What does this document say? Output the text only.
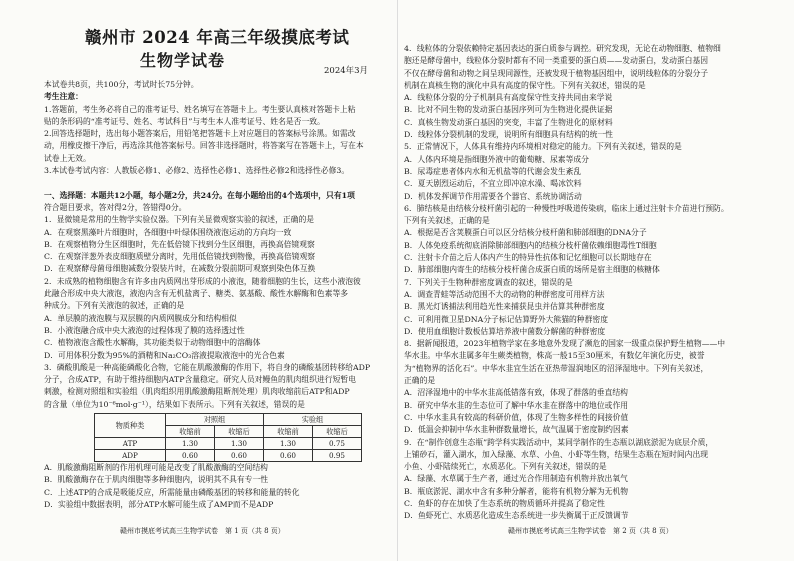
赣州市 2024 年高三年级摸底考试
生物学试卷
2024年3月
本试卷共8页，共100分，考试时长75分钟。
考生注意：
1.答题前，考生务必将自己的准考证号、姓名填写在答题卡上。考生要认真核对答题卡上粘
贴的条形码的“准考证号、姓名、考试科目”与考生本人准考证号、姓名是否一致。
2.回答选择题时，选出每小题答案后，用铅笔把答题卡上对应题目的答案标号涂黑。如需改
动，用橡皮擦干净后，再选涂其他答案标号。回答非选择题时，将答案写在答题卡上，写在本
试卷上无效。
3.本试卷考试内容：人教版必修1、必修2、选择性必修1、选择性必修2和选择性必修3。

一、选择题：本题共12小题，每小题2分，共24分。在每小题给出的4个选项中，只有1项
符合题目要求，答对得2分，答错得0分。
1．显微镜是常用的生物学实验仪器。下列有关显微观察实验的叙述，正确的是
A．在观察黑藻叶片细胞时，各细胞中叶绿体围绕液泡运动的方向均一致
B．在观察植物分生区细胞时，先在低倍镜下找到分生区细胞，再换高倍镜观察
C．在观察洋葱外表皮细胞质壁分离时，先用低倍镜找到物像，再换高倍镜观察
D．在观察酵母菌母细胞减数分裂装片时，在减数分裂前期可观察到染色体互换
2．未成熟的植物细胞含有许多由内质网出芽形成的小液泡，随着细胞的生长，这些小液泡彼
此融合形成中央大液泡，液泡内含有无机盐离子、糖类、氨基酸、酸性水解酶和色素等多
种成分。下列有关液泡的叙述，正确的是
A．单层膜的液泡膜与双层膜的内质网膜成分和结构相似
B．小液泡融合成中央大液泡的过程体现了膜的选择透过性
C．植物液泡含酸性水解酶，其功能类似于动物细胞中的溶酶体
D．可用体积分数为95%的酒精和Na₂CO₃溶液提取液泡中的光合色素
3．磷酸肌酸是一种高能磷酸化合物，它能在肌酸激酶的作用下，将自身的磷酸基团转移给ADP
分子，合成ATP，有助于维持细胞内ATP含量稳定。研究人员对鳗鱼的肌肉组织进行短暂电
刺激，检测对照组和实验组（肌肉组织用肌酸激酶阻断剂处理）肌肉收缩前后ATP和ADP
的含量（单位为10⁻⁶mol·g⁻¹），结果如下表所示。下列有关叙述，错误的是
物质种类	对照组		实验组	
	收缩前	收缩后	收缩前	收缩后
ATP	1.30	1.30	1.30	0.75
ADP	0.60	0.60	0.60	0.95
A．肌酸激酶阻断剂的作用机理可能是改变了肌酸激酶的空间结构
B．肌酸激酶存在于肌肉细胞等多种细胞内，说明其不具有专一性
C．上述ATP的合成是吸能反应，所需能量由磷酸基团的转移和能量的转化
D．实验组中数据表明，部分ATP水解可能生成了AMP而不是ADP
赣州市摸底考试高三生物学试卷　第 1 页（共 8 页）
4．线粒体的分裂依赖特定基因表达的蛋白质参与调控。研究发现，无论在动物细胞、植物细
胞还是酵母菌中，线粒体分裂时都有不同一类重要的蛋白质——发动蛋白，发动蛋白基因
不仅在酵母菌和动物之间呈现同源性，还被发现于植物基因组中，说明线粒体的分裂分子
机制在真核生物的演化中具有高度的保守性。下列有关叙述，错误的是
A．线粒体分裂的分子机制具有高度保守性支持共同由来学说
B．比对不同生物的发动蛋白基因序列可为生物进化提供证据
C．真核生物发动蛋白基因的突变，丰富了生物进化的原材料
D．线粒体分裂机制的发现，说明所有细胞具有结构的统一性
5．正常情况下，人体具有维持内环境相对稳定的能力。下列有关叙述，错误的是
A．人体内环境是指细胞外液中的葡萄糖、尿素等成分
B．尿毒症患者体内水和无机盐等的代谢会发生紊乱
C．夏天剧烈运动后，不宜立即冲凉水澡、喝冰饮料
D．机体发挥调节作用需要各个器官、系统协调活动
6．肺结核是由结核分枝杆菌引起的一种慢性呼吸道传染病，临床上通过注射卡介苗进行预防。
下列有关叙述，正确的是
A．根据是否含荚膜蛋白可以区分结核分枝杆菌和肺部细胞的DNA分子
B．人体免疫系统彻底消除肺部细胞内的结核分枝杆菌依赖细胞毒性T细胞
C．注射卡介苗之后人体内产生的特异性抗体和记忆细胞可以长期地存在
D．肺部细胞内寄生的结核分枝杆菌合成蛋白质的场所是宿主细胞的核糖体
7．下列关于生物种群密度调查的叙述，错误的是
A．调查青蛙等活动范围不大的动物的种群密度可用样方法
B．黑光灯诱捕法利用趋光性来捕获昆虫并估算其种群密度
C．可利用微卫星DNA分子标记估算野外大熊猫的种群密度
D．使用血细胞计数板估算培养液中菌数分解菌的种群密度
8．据新闻报道，2023年植物学家在多地意外发现了濒危的国家一级重点保护野生植物——中
华水韭。中华水韭属多年生蕨类植物，株高一般15至30厘米，有数亿年演化历史，被誉
为“植物界的活化石”。中华水韭宜生活在亚热带湿润地区的沼泽湿地中。下列有关叙述，
正确的是
A．沼泽湿地中的中华水韭高低错落有致，体现了群落的垂直结构
B．研究中华水韭的生态位可了解中华水韭在群落中的地位或作用
C．中华水韭具有较高的科研价值，体现了生物多样性的间接价值
D．低温会抑制中华水韭种群数量增长，故气温属于密度制约因素
9．在“制作创意生态瓶”跨学科实践活动中，某同学制作的生态瓶以湖底淤泥为底层介质，
上铺砂石，灌入湖水，加入绿藻、水草、小鱼、小虾等生物，结果生态瓶在短时间内出现
小鱼、小虾陆续死亡，水质恶化。下列有关叙述，错误的是
A．绿藻、水草属于生产者，通过光合作用制造有机物并放出氧气
B．瓶底淤泥、湖水中含有多种分解者，能将有机物分解为无机物
C．鱼虾的存在加快了生态系统的物质循环并提高了稳定性
D．鱼虾死亡、水质恶化造成生态系统进一步失衡属于正反馈调节
赣州市摸底考试高三生物学试卷　第 2 页（共 8 页）
